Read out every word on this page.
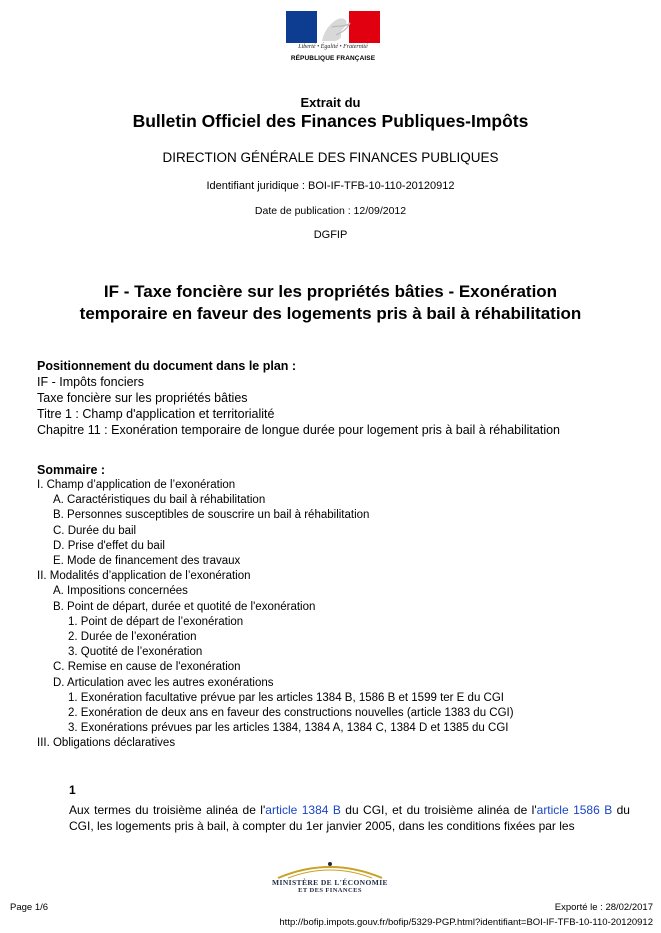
Liberté • Égalité • Fraternité
RÉPUBLIQUE FRANÇAISE
Extrait du
Bulletin Officiel des Finances Publiques-Impôts
DIRECTION GÉNÉRALE DES FINANCES PUBLIQUES
Identifiant juridique : BOI-IF-TFB-10-110-20120912
Date de publication : 12/09/2012
DGFIP
IF - Taxe foncière sur les propriétés bâties - Exonération
temporaire en faveur des logements pris à bail à réhabilitation
Positionnement du document dans le plan :
IF - Impôts fonciers
Taxe foncière sur les propriétés bâties
Titre 1 : Champ d'application et territorialité
Chapitre 11 : Exonération temporaire de longue durée pour logement pris à bail à réhabilitation
Sommaire :
I. Champ d’application de l’exonération
A. Caractéristiques du bail à réhabilitation
B. Personnes susceptibles de souscrire un bail à réhabilitation
C. Durée du bail
D. Prise d'effet du bail
E. Mode de financement des travaux
II. Modalités d’application de l’exonération
A. Impositions concernées
B. Point de départ, durée et quotité de l'exonération
1. Point de départ de l’exonération
2. Durée de l’exonération
3. Quotité de l’exonération
C. Remise en cause de l'exonération
D. Articulation avec les autres exonérations
1. Exonération facultative prévue par les articles 1384 B, 1586 B et 1599 ter E du CGI
2. Exonération de deux ans en faveur des constructions nouvelles (article 1383 du CGI)
3. Exonérations prévues par les articles 1384, 1384 A, 1384 C, 1384 D et 1385 du CGI
III. Obligations déclaratives
1
Aux termes du troisième alinéa de l'article 1384 B du CGI, et du troisième alinéa de l'article 1586 B du CGI, les logements pris à bail, à compter du 1er janvier 2005, dans les conditions fixées par les
MINISTÈRE DE L'ÉCONOMIE
ET DES FINANCES
Page 1/6	Exporté le : 28/02/2017
http://bofip.impots.gouv.fr/bofip/5329-PGP.html?identifiant=BOI-IF-TFB-10-110-20120912
